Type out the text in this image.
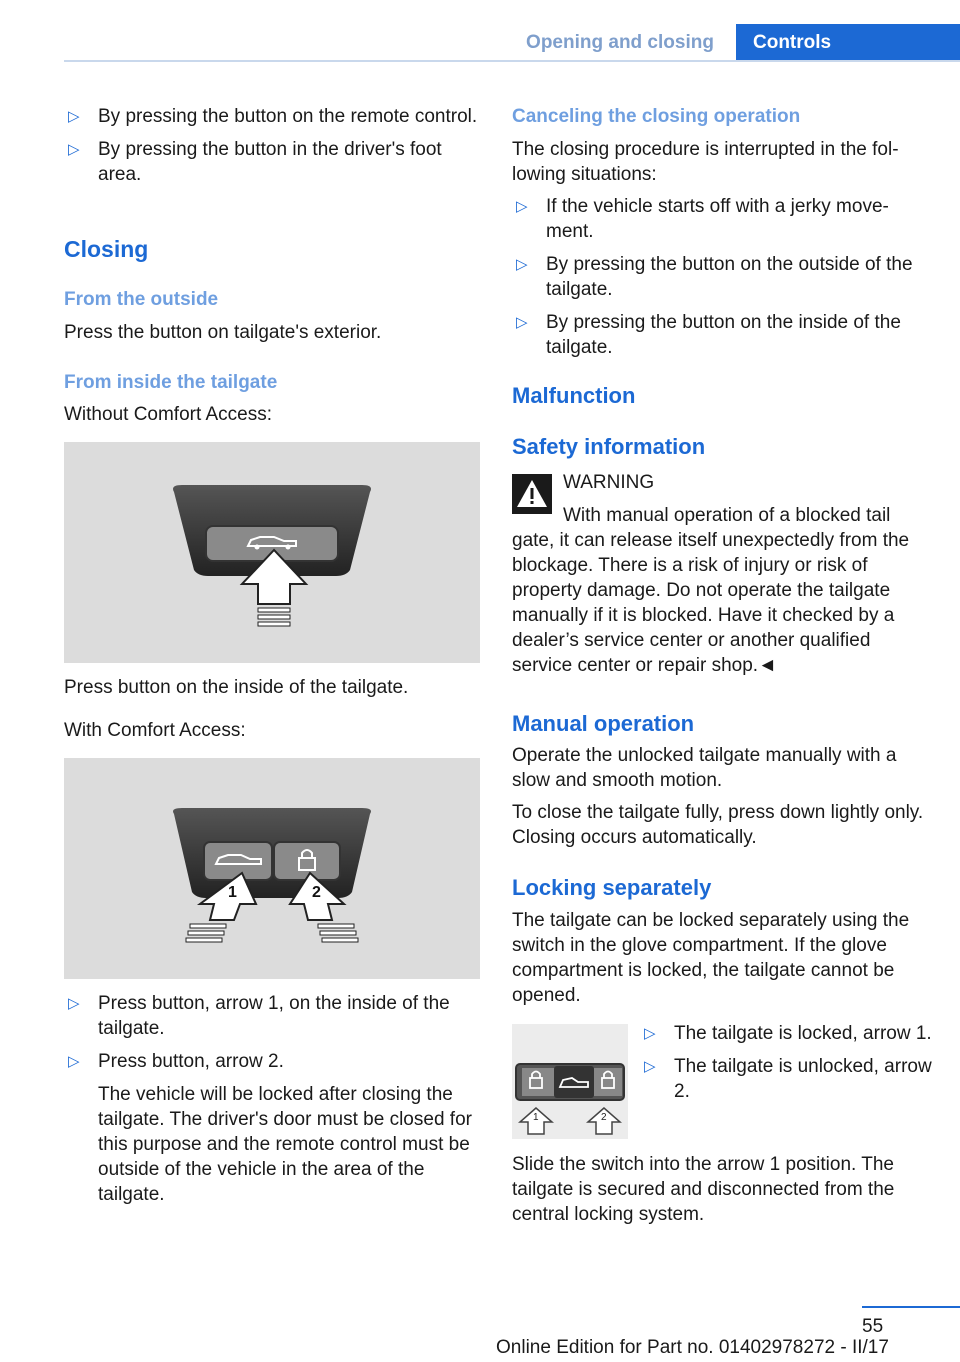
Opening and closing	Controls
▷ By pressing the button on the remote control.
▷ By pressing the button in the driver's foot area.
Closing
From the outside
Press the button on tailgate's exterior.
From inside the tailgate
Without Comfort Access:
Press button on the inside of the tailgate.
With Comfort Access:
1	2
▷ Press button, arrow 1, on the inside of the tailgate.
▷ Press button, arrow 2.
The vehicle will be locked after closing the tailgate. The driver's door must be closed for this purpose and the remote control must be outside of the vehicle in the area of the tailgate.
Canceling the closing operation
The closing procedure is interrupted in the following situations:
▷ If the vehicle starts off with a jerky movement.
▷ By pressing the button on the outside of the tailgate.
▷ By pressing the button on the inside of the tailgate.
Malfunction
Safety information
WARNING
With manual operation of a blocked tail
gate, it can release itself unexpectedly from the blockage. There is a risk of injury or risk of property damage. Do not operate the tailgate manually if it is blocked. Have it checked by a dealer’s service center or another qualified service center or repair shop.◄
Manual operation
Operate the unlocked tailgate manually with a slow and smooth motion.
To close the tailgate fully, press down lightly only. Closing occurs automatically.
Locking separately
The tailgate can be locked separately using the switch in the glove compartment. If the glove compartment is locked, the tailgate cannot be opened.
1	2
▷ The tailgate is locked, arrow 1.
▷ The tailgate is unlocked, arrow 2.
Slide the switch into the arrow 1 position. The tailgate is secured and disconnected from the central locking system.
55
Online Edition for Part no. 01402978272 - II/17
